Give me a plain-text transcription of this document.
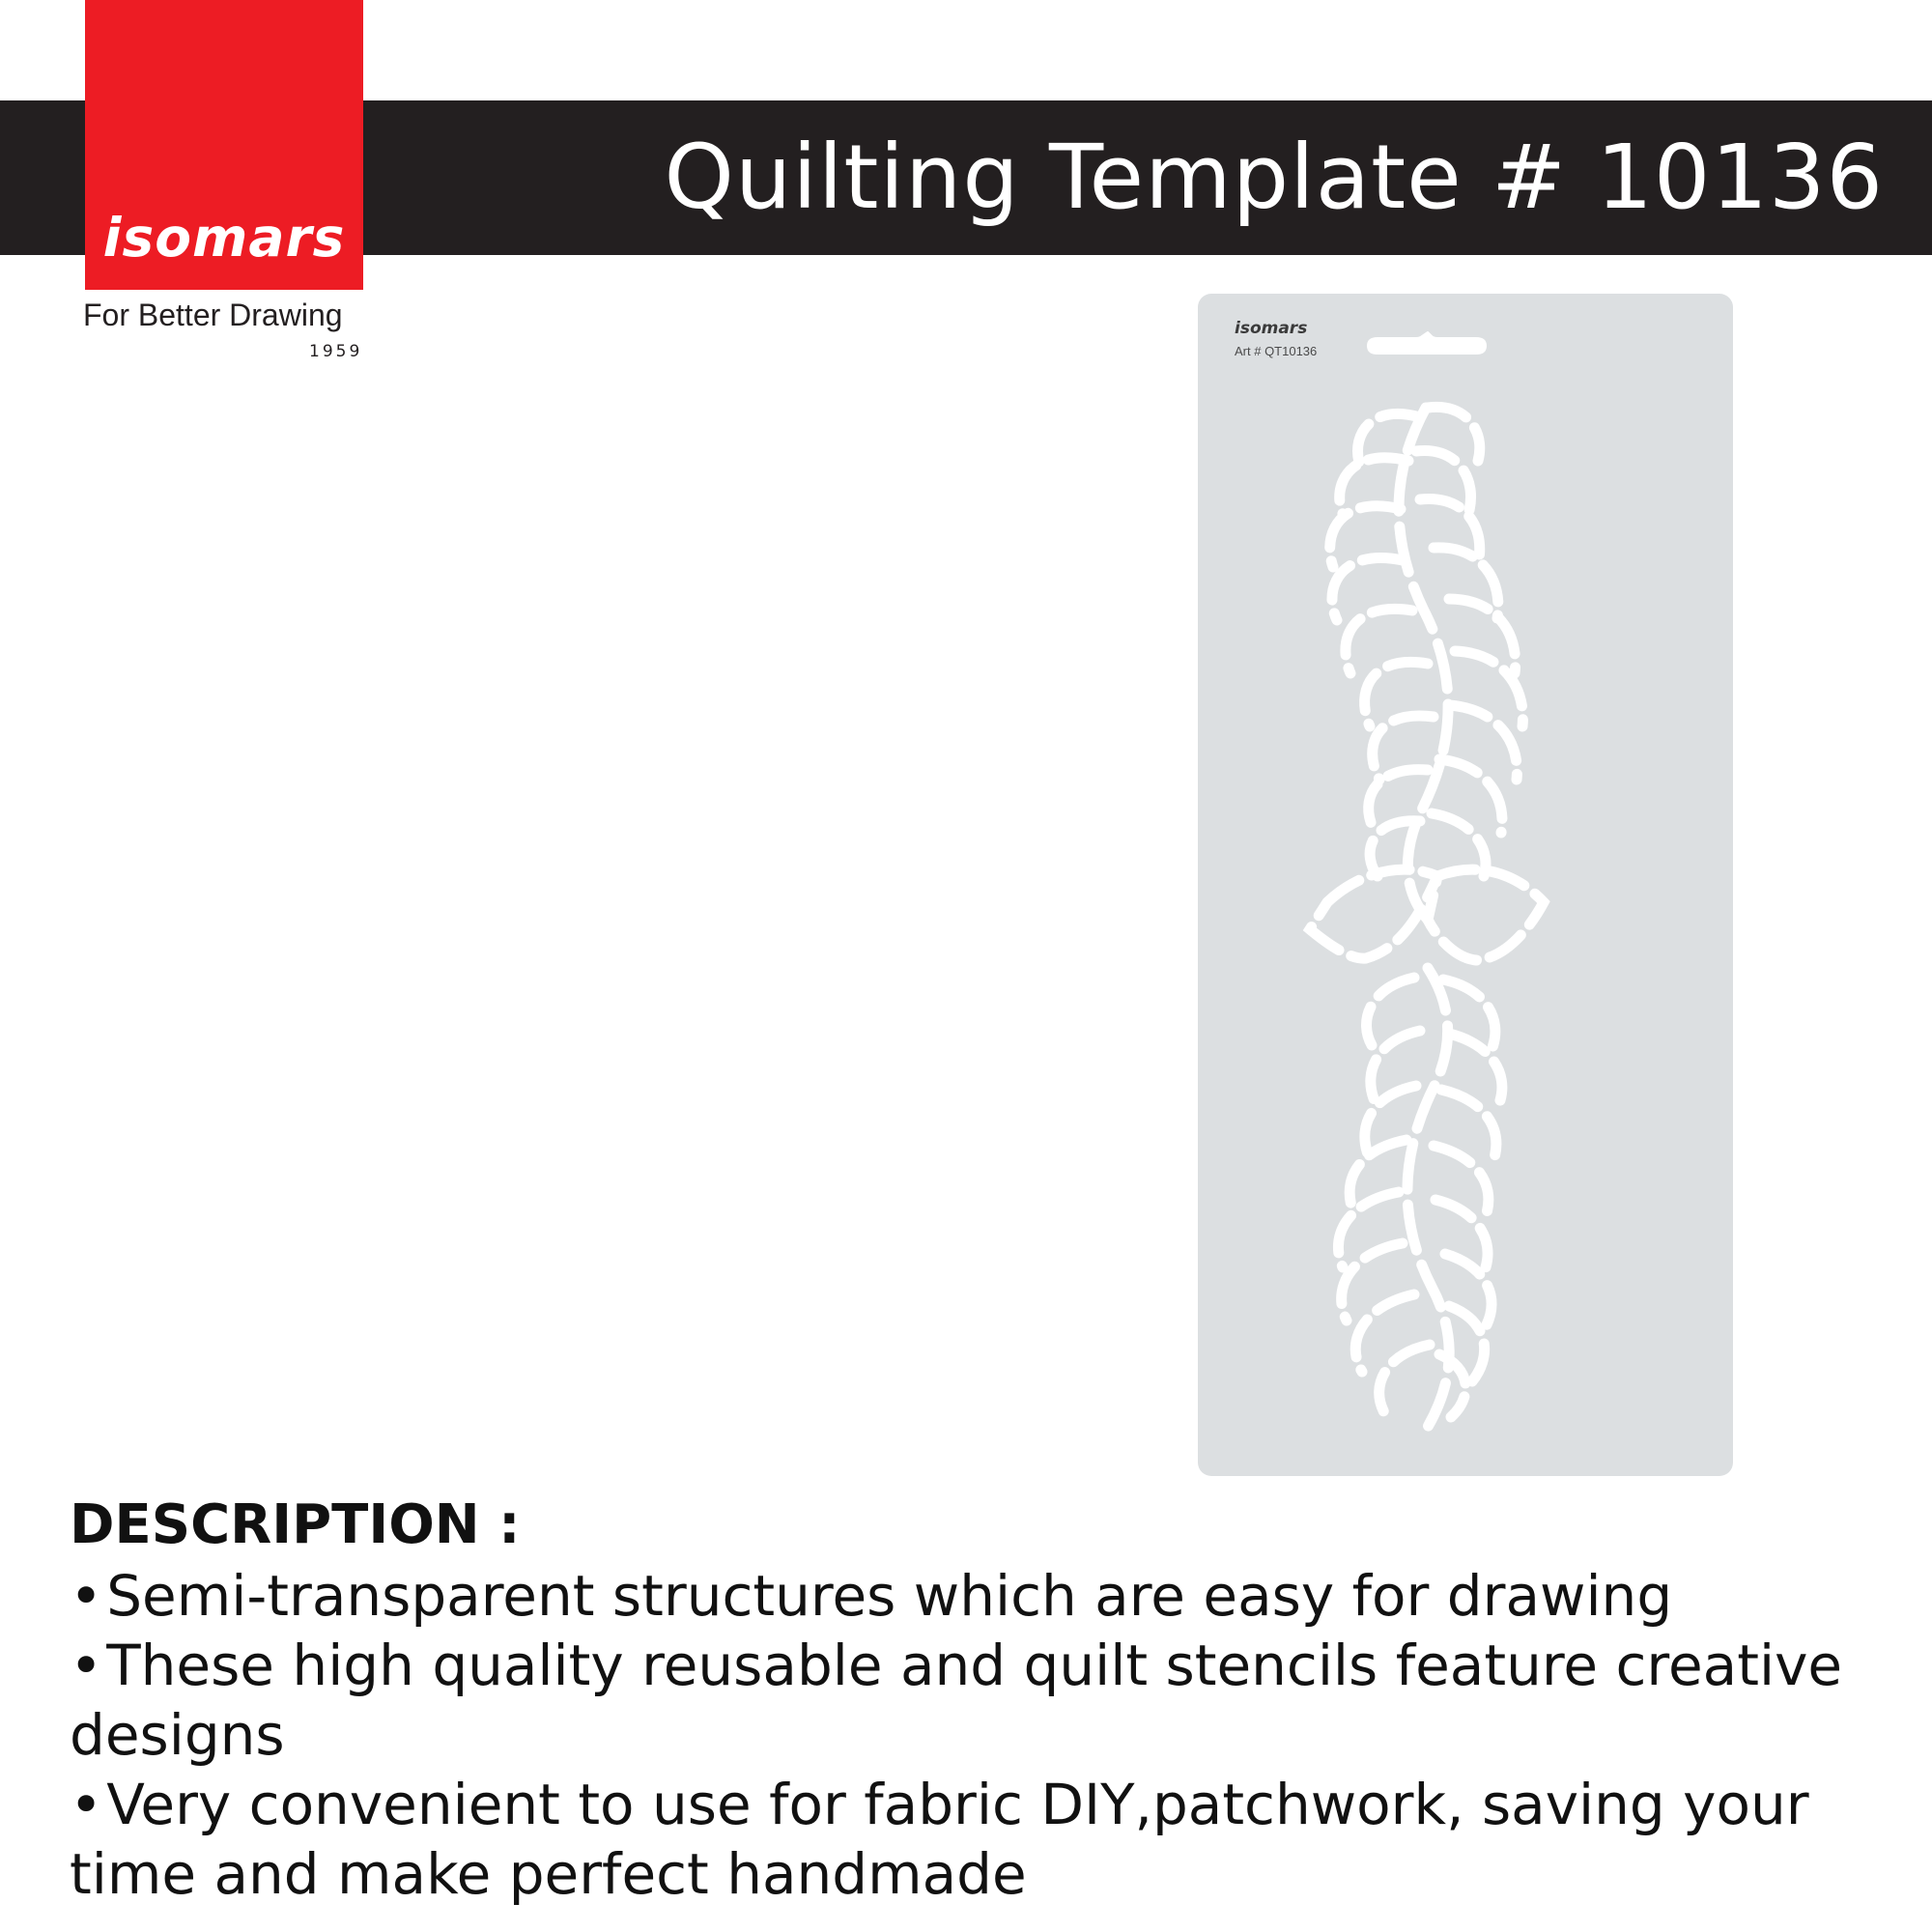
Quilting Template # 10136
isomars
For Better Drawing
1959
isomars
Art # QT10136
DESCRIPTION :
•Semi-transparent structures which are easy for drawing
•These high quality reusable and quilt stencils feature creative designs
•Very convenient to use for fabric DIY,patchwork, saving your time and make perfect handmade
